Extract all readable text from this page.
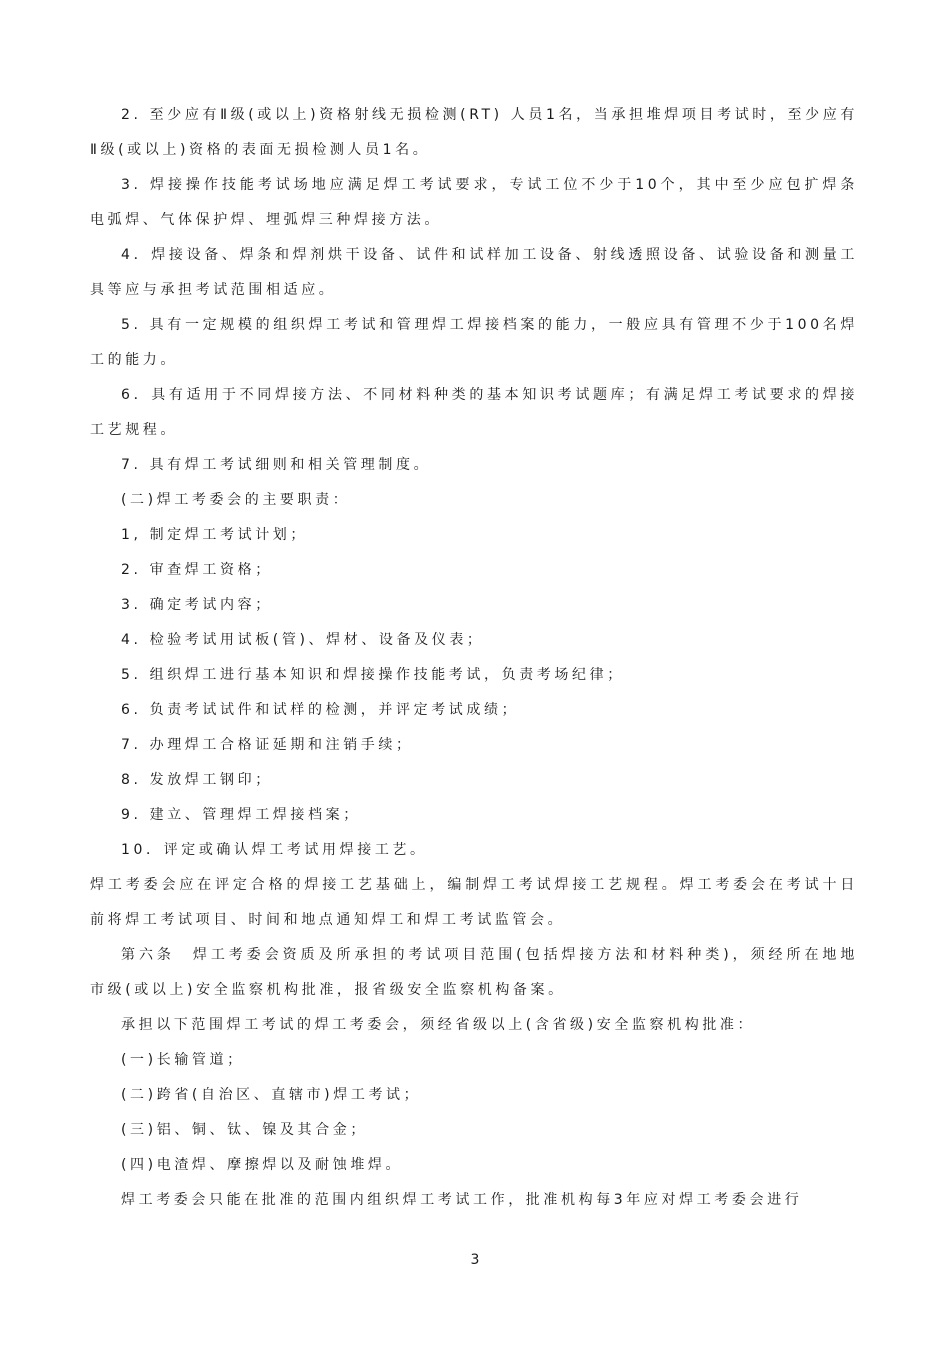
2. 至少应有Ⅱ级(或以上)资格射线无损检测(RT) 人员1名，当承担堆焊项目考试时，至少应有Ⅱ级(或以上)资格的表面无损检测人员1名。

3. 焊接操作技能考试场地应满足焊工考试要求，专试工位不少于10个，其中至少应包扩焊条电弧焊、气体保护焊、埋弧焊三种焊接方法。

4．焊接设备、焊条和焊剂烘干设备、试件和试样加工设备、射线透照设备、试验设备和测量工具等应与承担考试范围相适应。

5. 具有一定规模的组织焊工考试和管理焊工焊接档案的能力，一般应具有管理不少于100名焊工的能力。

6．具有适用于不同焊接方法、不同材料种类的基本知识考试题库；有满足焊工考试要求的焊接工艺规程。

7. 具有焊工考试细则和相关管理制度。

(二)焊工考委会的主要职责：

1, 制定焊工考试计划；

2. 审查焊工资格；

3. 确定考试内容；

4. 检验考试用试板(管)、焊材、设备及仪表；

5. 组织焊工进行基本知识和焊接操作技能考试，负责考场纪律；

6. 负责考试试件和试样的检测，并评定考试成绩；

7. 办理焊工合格证延期和注销手续；

8. 发放焊工钢印；

9. 建立、管理焊工焊接档案；

10．评定或确认焊工考试用焊接工艺。

焊工考委会应在评定合格的焊接工艺基础上，编制焊工考试焊接工艺规程。焊工考委会在考试十日前将焊工考试项目、时间和地点通知焊工和焊工考试监管会。

第六条　焊工考委会资质及所承担的考试项目范围(包括焊接方法和材料种类)，须经所在地地市级(或以上)安全监察机构批准，报省级安全监察机构备案。

承担以下范围焊工考试的焊工考委会，须经省级以上(含省级)安全监察机构批准：

(一)长输管道；

(二)跨省(自治区、直辖市)焊工考试；

(三)铝、铜、钛、镍及其合金；

(四)电渣焊、摩擦焊以及耐蚀堆焊。

焊工考委会只能在批准的范围内组织焊工考试工作，批准机构每3年应对焊工考委会进行

3
